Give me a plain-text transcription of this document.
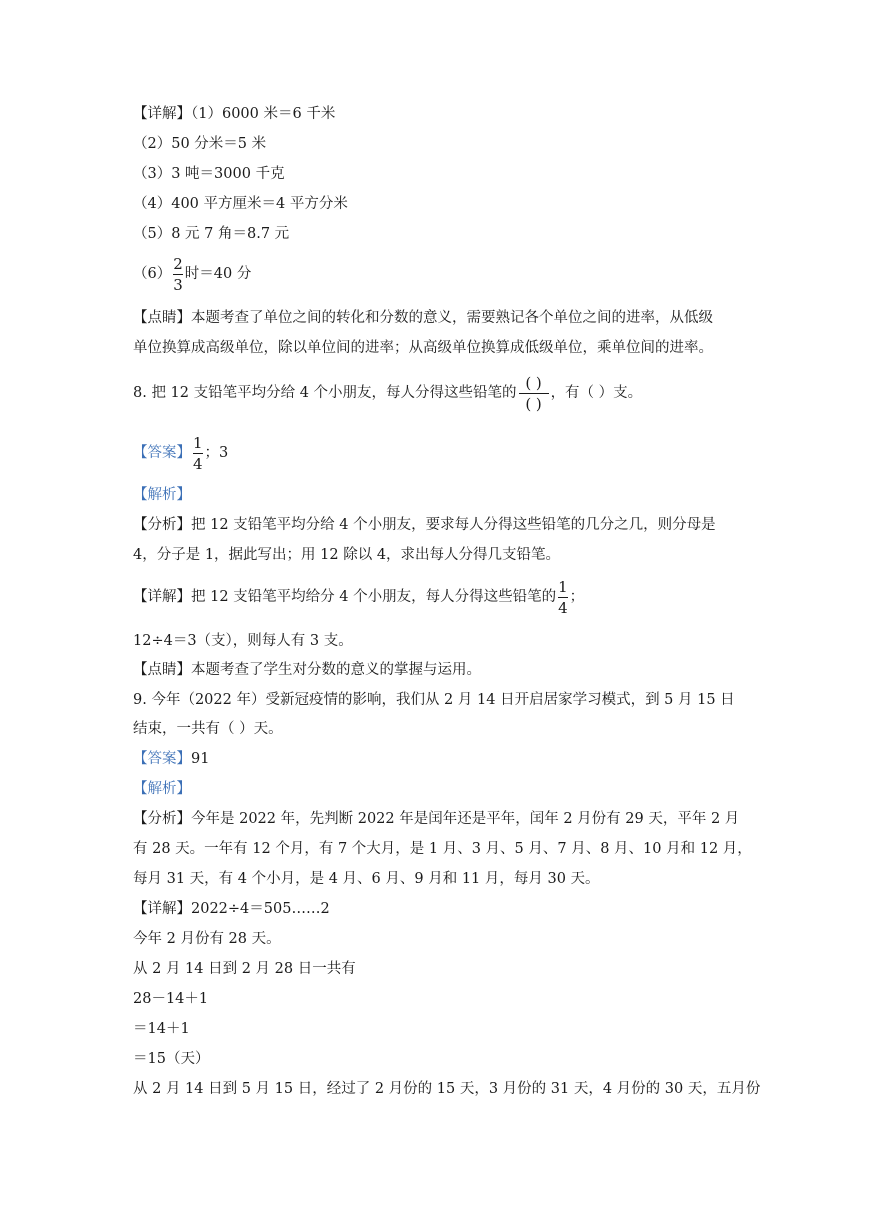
【详解】（1）6000 米＝6 千米
（2）50 分米＝5 米
（3）3 吨＝3000 千克
（4）400 平方厘米＝4 平方分米
（5）8 元 7 角＝8.7 元
$(6) \frac{2}{3}$ 时＝40 分
【点睛】本题考查了单位之间的转化和分数的意义，需要熟记各个单位之间的进率，从低级
单位换算成高级单位，除以单位间的进率；从高级单位换算成低级单位，乘单位间的进率。
8. 把 12 支铅笔平均分给 4 个小朋友，每人分得这些铅笔的 $\frac{( )}{( )}$ ，有（ ）支。
【答案】 $\frac{1}{4}$ ；3
【解析】
【分析】把 12 支铅笔平均分给 4 个小朋友，要求每人分得这些铅笔的几分之几，则分母是
4，分子是 1，据此写出；用 12 除以 4，求出每人分得几支铅笔。
【详解】把 12 支铅笔平均给分 4 个小朋友，每人分得这些铅笔的 $\frac{1}{4}$ ；
12÷4＝3（支），则每人有 3 支。
【点睛】本题考查了学生对分数的意义的掌握与运用。
9. 今年（2022 年）受新冠疫情的影响，我们从 2 月 14 日开启居家学习模式，到 5 月 15 日
结束，一共有（ ）天。
【答案】91
【解析】
【分析】今年是 2022 年，先判断 2022 年是闰年还是平年，闰年 2 月份有 29 天，平年 2 月
有 28 天。一年有 12 个月，有 7 个大月，是 1 月、3 月、5 月、7 月、8 月、10 月和 12 月，
每月 31 天，有 4 个小月，是 4 月、6 月、9 月和 11 月，每月 30 天。
【详解】2022÷4＝505……2
今年 2 月份有 28 天。
从 2 月 14 日到 2 月 28 日一共有
28－14＋1
＝14＋1
＝15（天）
从 2 月 14 日到 5 月 15 日，经过了 2 月份的 15 天，3 月份的 31 天，4 月份的 30 天，五月份
